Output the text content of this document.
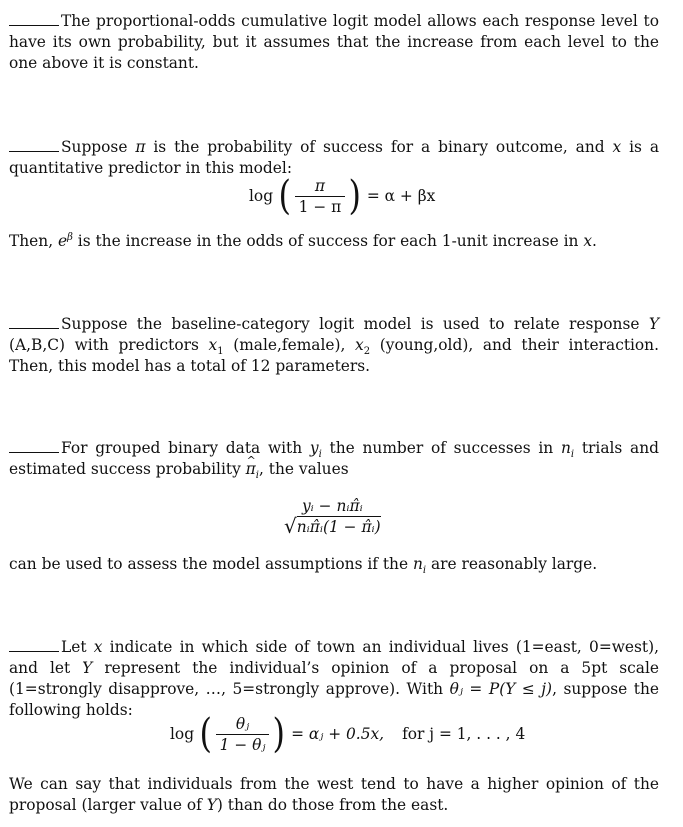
The proportional-odds cumulative logit model allows each response level to have its own probability, but it assumes that the increase from each level to the one above it is constant.
Suppose π is the probability of success for a binary outcome, and x is a quantitative predictor in this model:
log ( $\frac{\pi}{1 - \pi}$ ) = α + βx
Then, $e^\beta$ is the increase in the odds of success for each 1-unit increase in x.
Suppose the baseline-category logit model is used to relate response Y (A,B,C) with predictors $x_1$ (male,female), $x_2$ (young,old), and their interaction. Then, this model has a total of 12 parameters.
For grouped binary data with $y_i$ the number of successes in $n_i$ trials and estimated success probability ^ $\pi_i$, the values
yᵢ − nᵢπ̂ᵢ
√ nᵢπ̂ᵢ(1 − π̂ᵢ)
can be used to assess the model assumptions if the $n_i$ are reasonably large.
Let x indicate in which side of town an individual lives (1=east, 0=west), and let Y represent the individual’s opinion of a proposal on a 5pt scale (1=strongly disapprove, …, 5=strongly approve). With θⱼ = P(Y ≤ j), suppose the following holds:
log ( $\frac{\text{θⱼ}}{\text{1 − θⱼ}}$ ) = αⱼ + 0.5x, for j = 1, . . . , 4
We can say that individuals from the west tend to have a higher opinion of the proposal (larger value of Y) than do those from the east.
